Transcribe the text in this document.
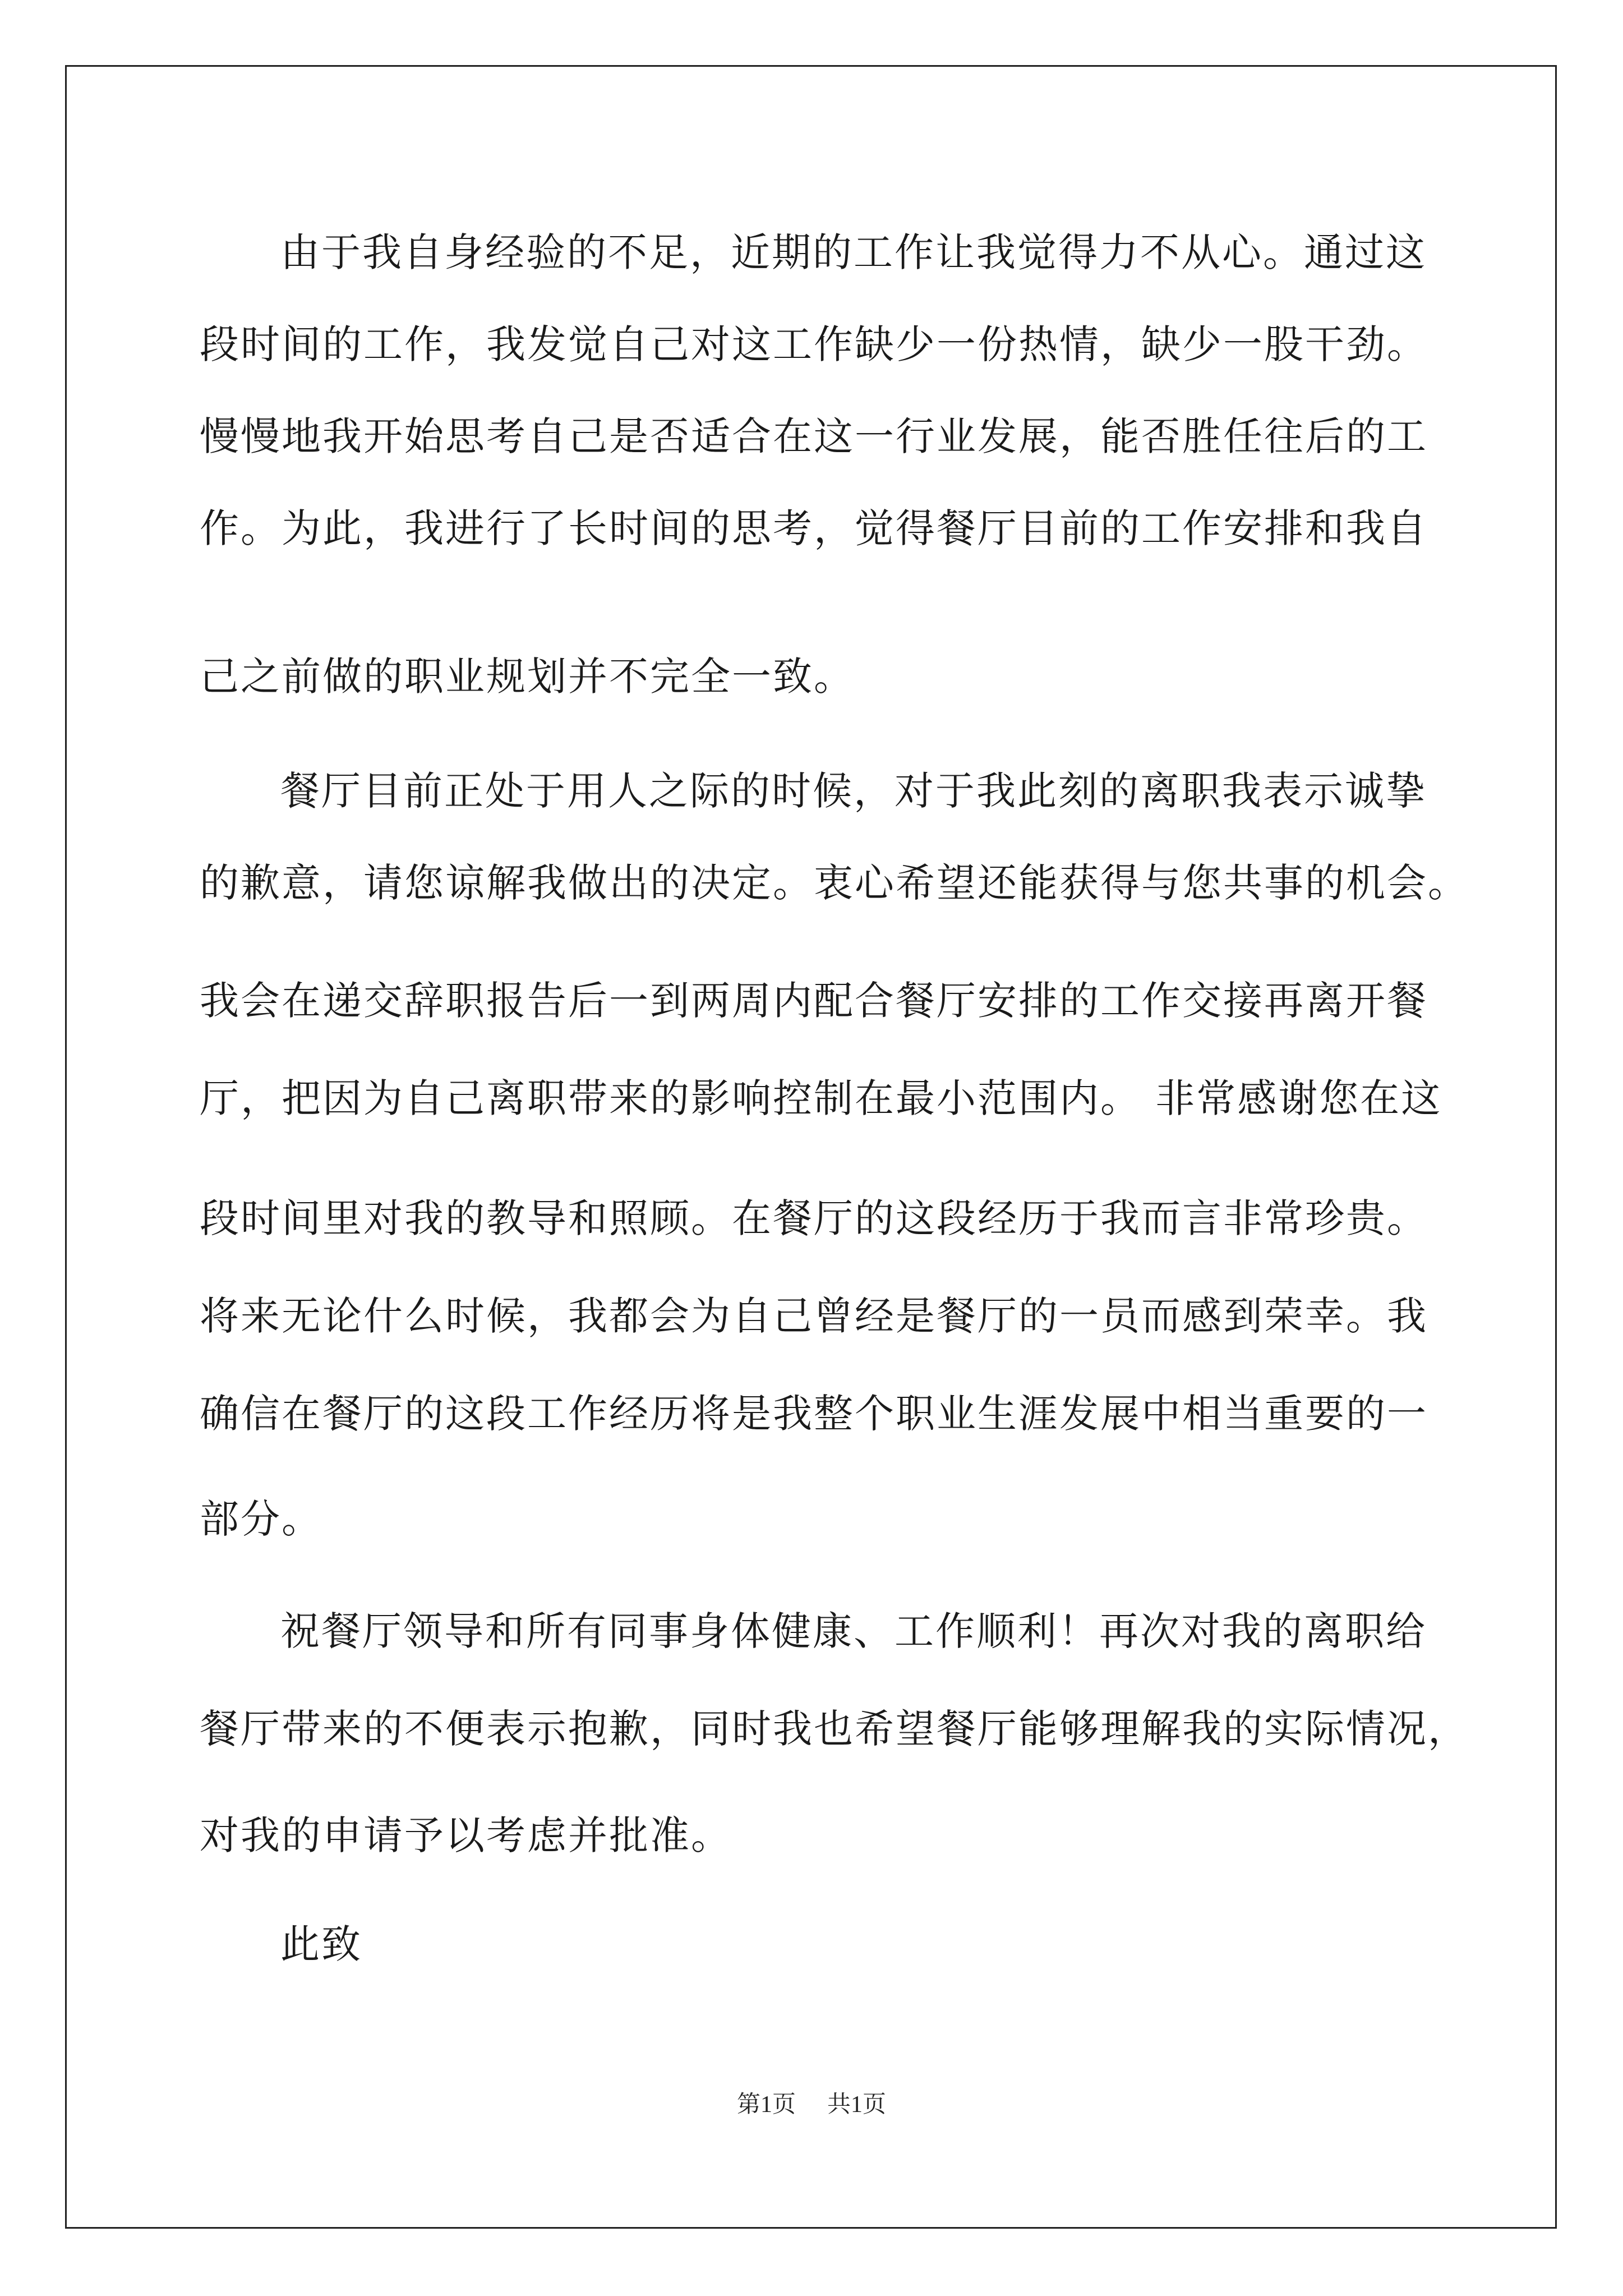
由于我自身经验的不足，近期的工作让我觉得力不从心。通过这
段时间的工作，我发觉自己对这工作缺少一份热情，缺少一股干劲。
慢慢地我开始思考自己是否适合在这一行业发展，能否胜任往后的工
作。为此，我进行了长时间的思考，觉得餐厅目前的工作安排和我自
己之前做的职业规划并不完全一致。
餐厅目前正处于用人之际的时候，对于我此刻的离职我表示诚挚
的歉意，请您谅解我做出的决定。衷心希望还能获得与您共事的机会。
我会在递交辞职报告后一到两周内配合餐厅安排的工作交接再离开餐
厅，把因为自己离职带来的影响控制在最小范围内。 非常感谢您在这
段时间里对我的教导和照顾。在餐厅的这段经历于我而言非常珍贵。
将来无论什么时候，我都会为自己曾经是餐厅的一员而感到荣幸。我
确信在餐厅的这段工作经历将是我整个职业生涯发展中相当重要的一
部分。
祝餐厅领导和所有同事身体健康、工作顺利！再次对我的离职给
餐厅带来的不便表示抱歉，同时我也希望餐厅能够理解我的实际情况，
对我的申请予以考虑并批准。
此致
第1页 共1页
